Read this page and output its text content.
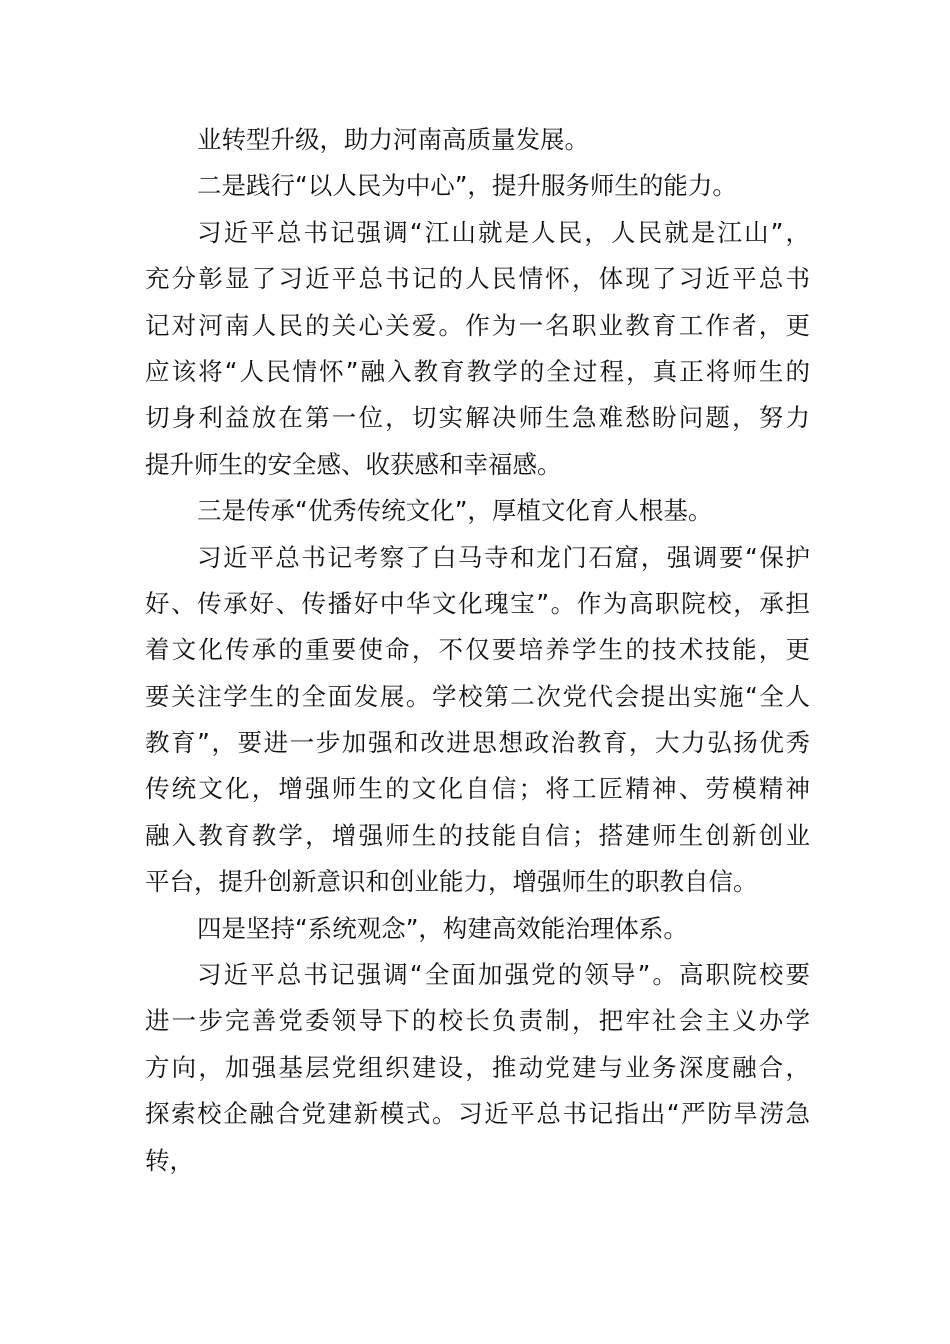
业转型升级，助力河南高质量发展。
二是践行“以人民为中心”，提升服务师生的能力。
习近平总书记强调“江山就是人民，人民就是江山”，
充分彰显了习近平总书记的人民情怀，体现了习近平总书
记对河南人民的关心关爱。作为一名职业教育工作者，更
应该将“人民情怀”融入教育教学的全过程，真正将师生的
切身利益放在第一位，切实解决师生急难愁盼问题，努力
提升师生的安全感、收获感和幸福感。
三是传承“优秀传统文化”，厚植文化育人根基。
习近平总书记考察了白马寺和龙门石窟，强调要“保护
好、传承好、传播好中华文化瑰宝”。作为高职院校，承担
着文化传承的重要使命，不仅要培养学生的技术技能，更
要关注学生的全面发展。学校第二次党代会提出实施“全人
教育”，要进一步加强和改进思想政治教育，大力弘扬优秀
传统文化，增强师生的文化自信；将工匠精神、劳模精神
融入教育教学，增强师生的技能自信；搭建师生创新创业
平台，提升创新意识和创业能力，增强师生的职教自信。
四是坚持“系统观念”，构建高效能治理体系。
习近平总书记强调“全面加强党的领导”。高职院校要
进一步完善党委领导下的校长负责制，把牢社会主义办学
方向，加强基层党组织建设，推动党建与业务深度融合，
探索校企融合党建新模式。习近平总书记指出“严防旱涝急
转，
